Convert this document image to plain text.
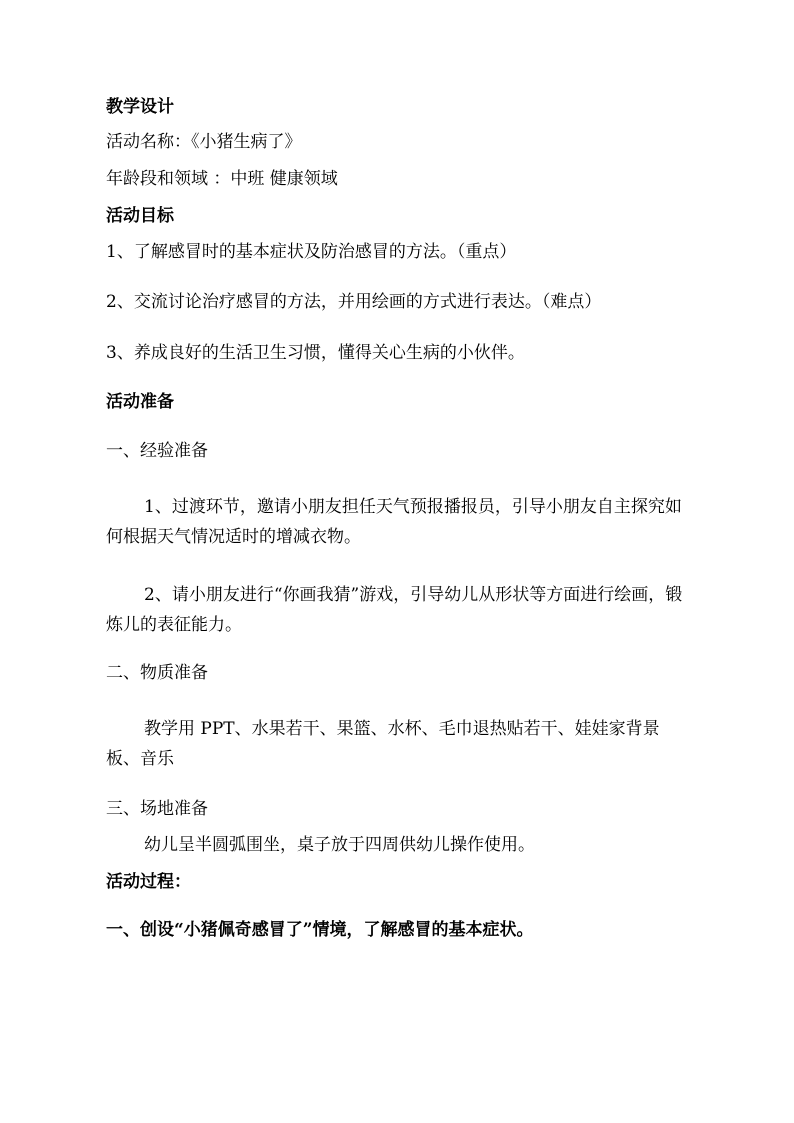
教学设计
活动名称：《小猪生病了》
年龄段和领域 ：中班 健康领域
活动目标
1、了解感冒时的基本症状及防治感冒的方法。（重点）
2、交流讨论治疗感冒的方法，并用绘画的方式进行表达。（难点）
3、养成良好的生活卫生习惯，懂得关心生病的小伙伴。
活动准备
一、经验准备
1、过渡环节，邀请小朋友担任天气预报播报员，引导小朋友自主探究如何根据天气情况适时的增减衣物。
2、请小朋友进行“你画我猜”游戏，引导幼儿从形状等方面进行绘画，锻炼儿的表征能力。
二、物质准备
教学用 PPT、水果若干、果篮、水杯、毛巾退热贴若干、娃娃家背景板、音乐
三、场地准备
幼儿呈半圆弧围坐，桌子放于四周供幼儿操作使用。
活动过程：
一、创设“小猪佩奇感冒了”情境，了解感冒的基本症状。
